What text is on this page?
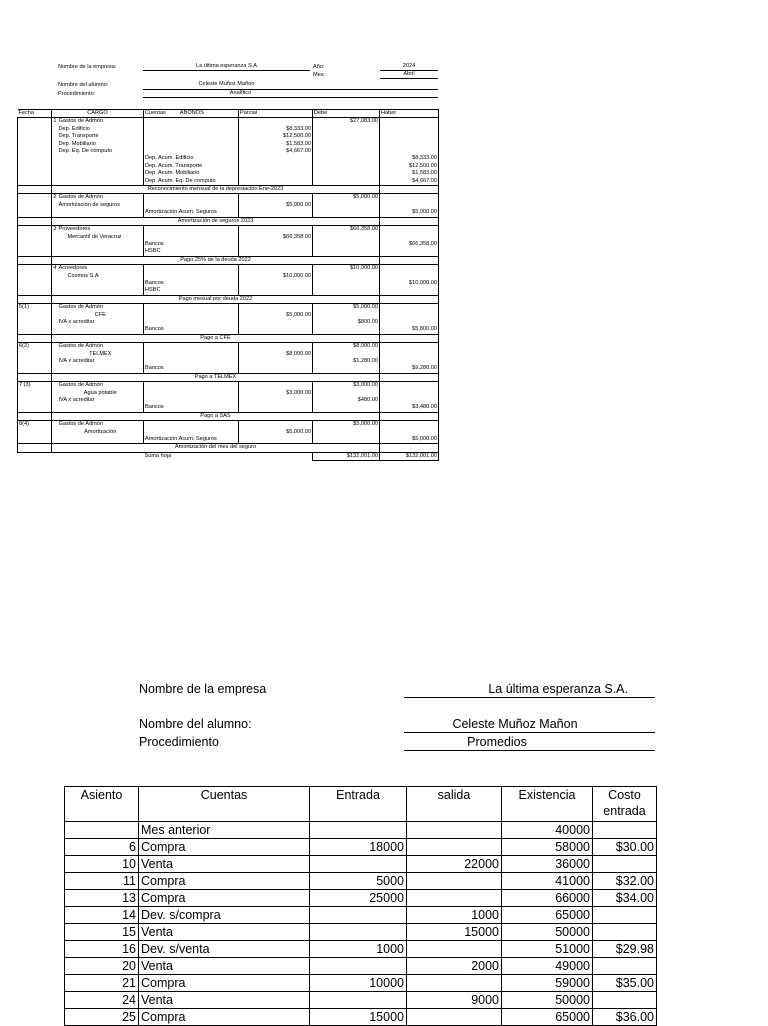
Nombre de la empresa:	La última esperanza S.A	Año:	2024
Mes:	Abril
Nombre del alumno:	Celeste Muñoz Mañon
Procedimiento:	Analítico
Fecha	CARGO		Cuentas ABONOS	Parcial	Debe	Haber
	1	Gastos de Admón			$27,083.00	
		Dep. Edificio		$8,333.00		
		Dep. Transporte		$12,500.00		
		Dep. Mobiliario		$1,583.00		
		Dep. Eq. De computo		$4,667.00		

			Dep. Acum. Edificio			$8,333.00
			Dep. Acum. Transporte			$12,500.00
			Dep. Acum. Mobiliario			$1,583.00
			Dep. Acum. Eq. De computo			$4,667.00
	Reconocimiento mensual de la depresiación Ene-2023					
	2	Gastos de Admón			$5,000.00	
		Amortización de seguros		$5,000.00		

			Amortización Acum. Seguros			$5,000.00
	Amortización de seguros 2023					
	3	Proveedores			$66,358.00	
		Mercantil de Veracruz		$66,358.00		

			Bancos			$66,358.00
			HSBC			
	Pago 25% de la deuda 2022					
	4	Acreedores			$10,000.00	
		Cosmos S.A		$10,000.00		

			Bancos			$10,000.00
			HSBC			
	Pago mesual por deuda 2022					
5(1)		Gastos de Admón			$5,000.00	
		CFE		$5,000.00		
		IVA x acreditar			$800.00	
			Bancos			$5,800.00
	Pago a CFE					
6(2)		Gastos de Admón			$8,000.00	
		TELMEX		$8,000.00		
		IVA x acreditar			$1,280.00	
			Bancos			$9,280.00
	Pago a TELMEX					
7 (3)		Gastos de Admón			$3,000.00	
		Agua potable		$3,000.00		
		IVA x acreditar			$480.00	
			Bancos			$3,480.00
	Pago a SAS					
8(4)		Gastos de Admón			$5,000.00	
		Amortización		$5,000.00		

			Amortización Acum. Seguros			$5,000.00
	Amortización del mes del seguro					
			Suma hoja		$132,001.00	$132,001.00
Nombre de la empresa	La última esperanza S.A.
Nombre del alumno:	Celeste Muñoz Mañon
Procedimiento	Promedios
Asiento	Cuentas	Entrada	salida	Existencia	Costo entrada
	Mes anterior			40000	
6	Compra	18000		58000	$30.00
10	Venta		22000	36000	
11	Compra	5000		41000	$32.00
13	Compra	25000		66000	$34.00
14	Dev. s/compra		1000	65000	
15	Venta		15000	50000	
16	Dev. s/venta	1000		51000	$29.98
20	Venta		2000	49000	
21	Compra	10000		59000	$35.00
24	Venta		9000	50000	
25	Compra	15000		65000	$36.00
